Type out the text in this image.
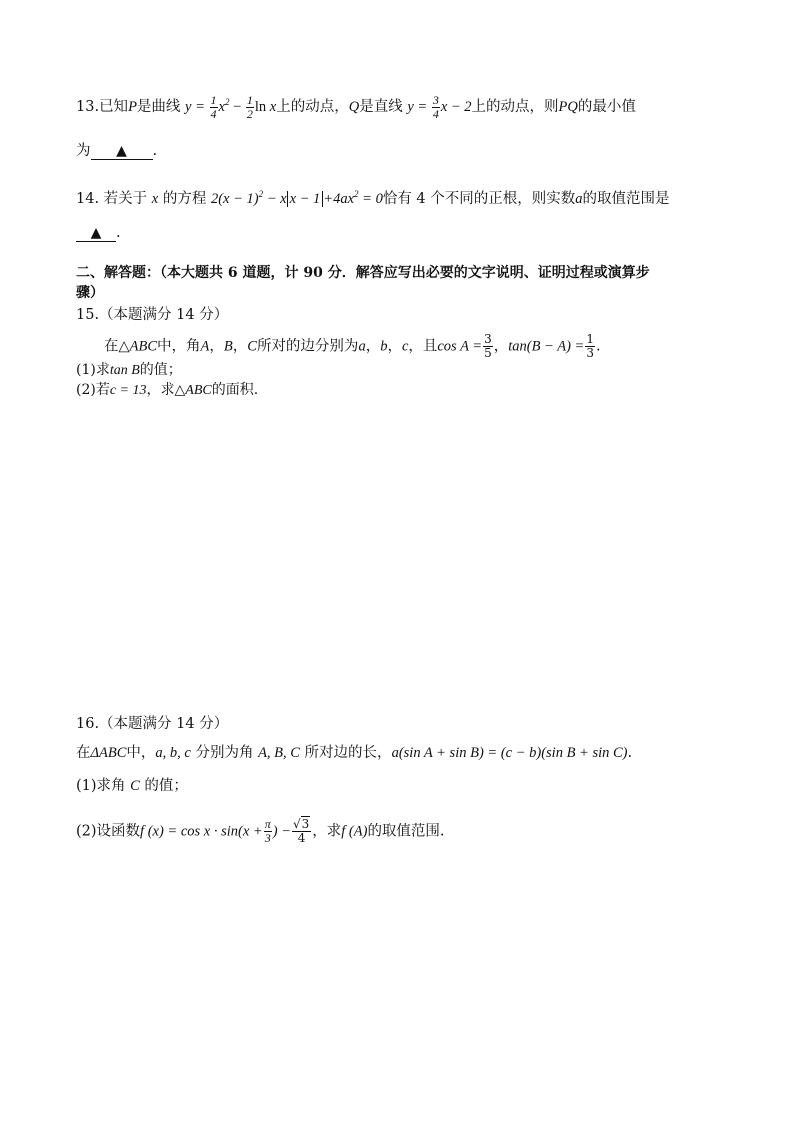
13.已知P是曲线 $y = \frac{1}{4} x^2 - \frac{1}{2}$ ln x上的动点，Q是直线 $y = \frac{3}{4}$ x − 2上的动点，则PQ的最小值
为 ▲ .
14. 若关于 x 的方程 $2(x - 1)^2 - x$ $x - 1 +4ax^2 = 0$恰有 4 个不同的正根，则实数a的取值范围是
▲ .
二、解答题：（本大题共 6 道题，计 90 分．解答应写出必要的文字说明、证明过程或演算步
骤）
15.（本题满分 14 分）
在△ABC中，角A，B，C所对的边分别为a，b，c，且$\cos A = \frac{3}{5}$ ，$\tan(B - A) = \frac{1}{3}$ .
(1)求tan B的值；
(2)若c = 13，求△ABC的面积.
16.（本题满分 14 分）
在ΔABC中，a, b, c 分别为角 A, B, C 所对边的长，a(sin A + sin B) = (c − b)(sin B + sin C).
(1)求角 C 的值；
(2)设函数f $(x) = \cos x \cdot \sin(x + \frac{\pi}{3}$ ) − $\frac{√3}{4}$ ，求f (A)的取值范围.
